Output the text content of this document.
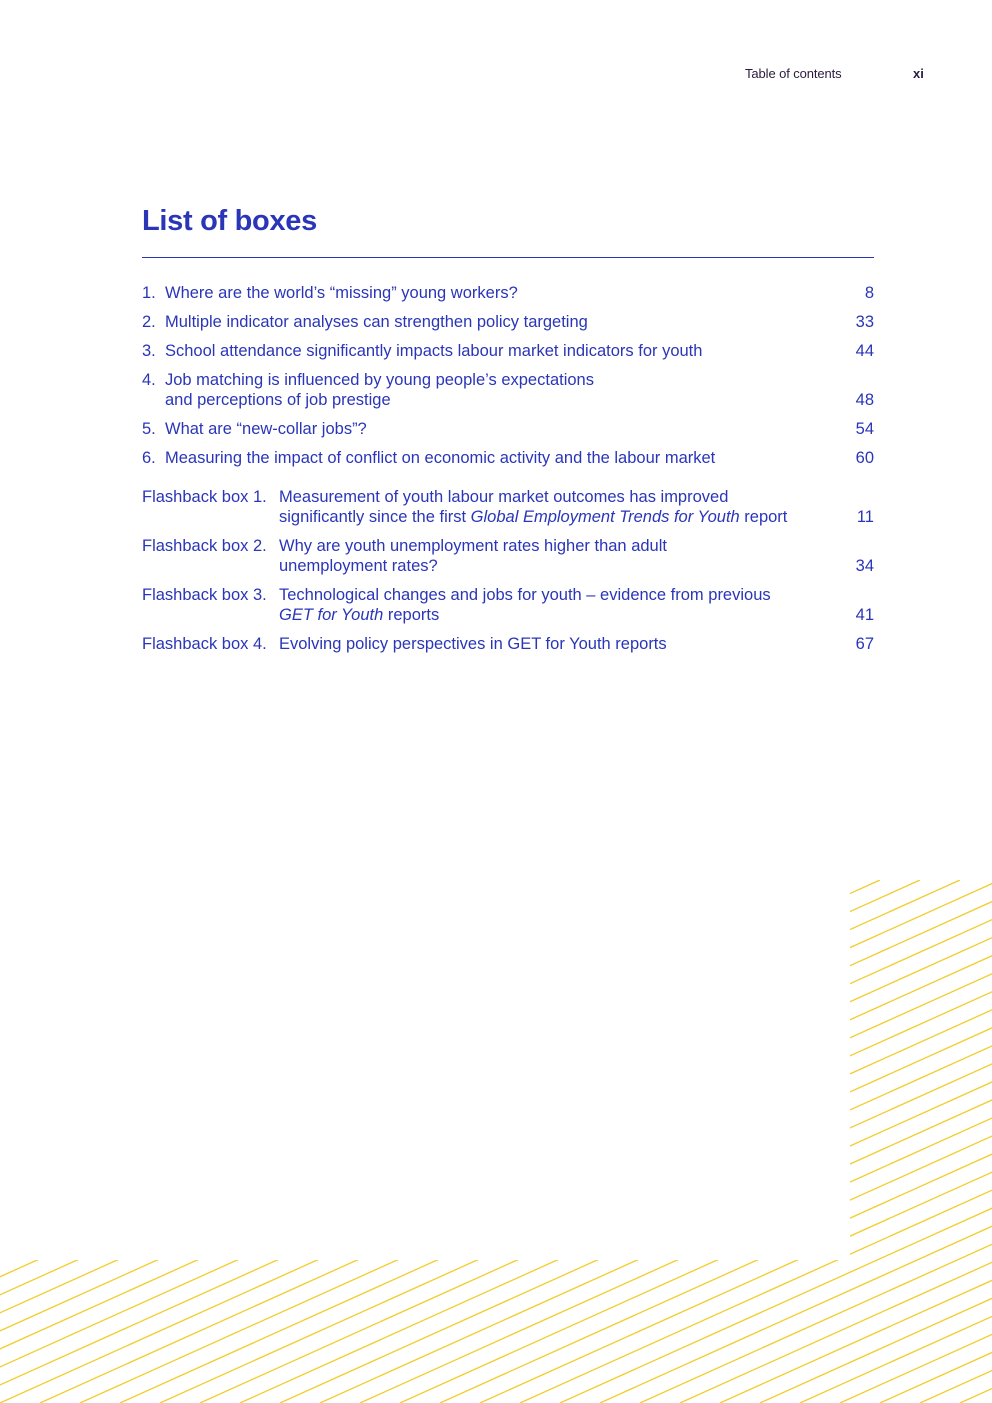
Table of contents	xi
List of boxes
1. Where are the world’s “missing” young workers?	8
2. Multiple indicator analyses can strengthen policy targeting	33
3. School attendance significantly impacts labour market indicators for youth	44
4. Job matching is influenced by young people’s expectations
and perceptions of job prestige	48
5. What are “new-collar jobs”?	54
6. Measuring the impact of conflict on economic activity and the labour market	60
Flashback box 1. Measurement of youth labour market outcomes has improved
significantly since the first Global Employment Trends for Youth report	11
Flashback box 2. Why are youth unemployment rates higher than adult
unemployment rates?	34
Flashback box 3. Technological changes and jobs for youth – evidence from previous
GET for Youth reports	41
Flashback box 4. Evolving policy perspectives in GET for Youth reports	67
